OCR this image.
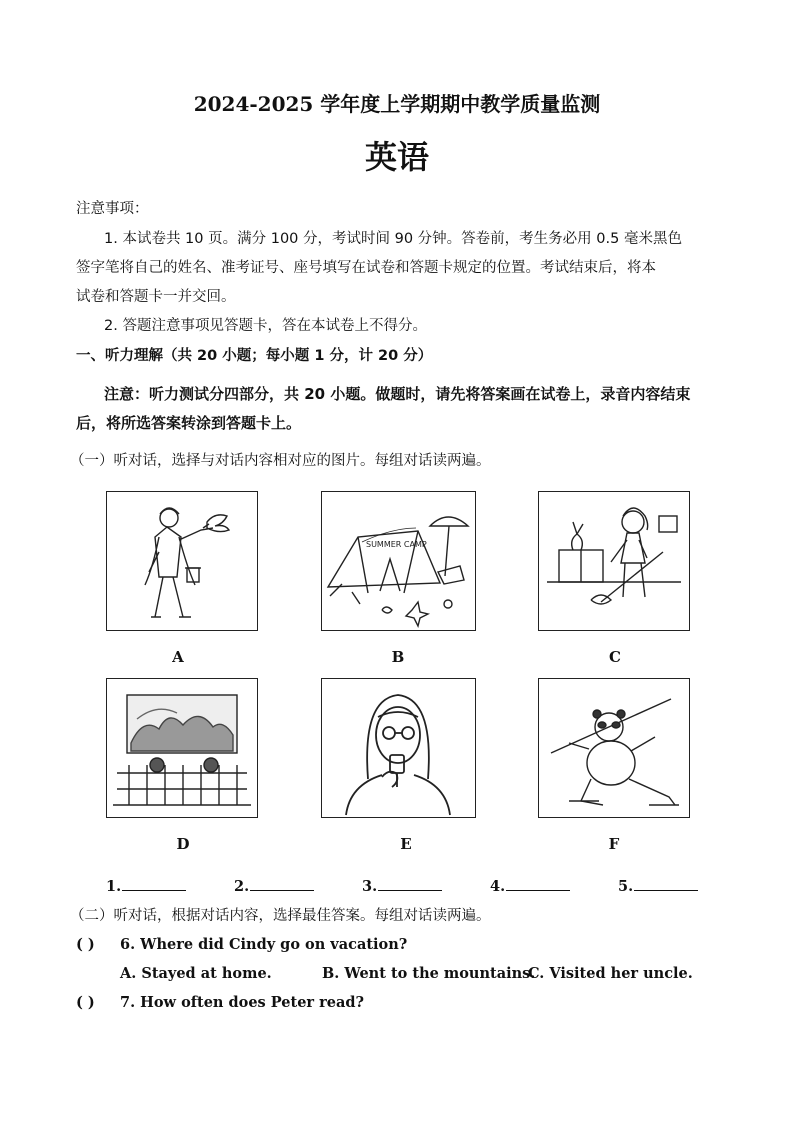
2024-2025 学年度上学期期中教学质量监测
英语
注意事项：
1. 本试卷共 10 页。满分 100 分，考试时间 90 分钟。答卷前，考生务必用 0.5 毫米黑色
签字笔将自己的姓名、准考证号、座号填写在试卷和答题卡规定的位置。考试结束后，将本
试卷和答题卡一并交回。
2. 答题注意事项见答题卡，答在本试卷上不得分。
一、听力理解（共 20 小题；每小题 1 分，计 20 分）
注意：听力测试分四部分，共 20 小题。做题时，请先将答案画在试卷上，录音内容结束
后，将所选答案转涂到答题卡上。
（一）听对话，选择与对话内容相对应的图片。每组对话读两遍。
SUMMER CAMP
A	B	C
D	E	F
1.	2.	3.	4.	5.
（二）听对话，根据对话内容，选择最佳答案。每组对话读两遍。
( ) 6. Where did Cindy go on vacation?
A. Stayed at home.	B. Went to the mountains.
C. Visited her uncle.
( ) 7. How often does Peter read?
